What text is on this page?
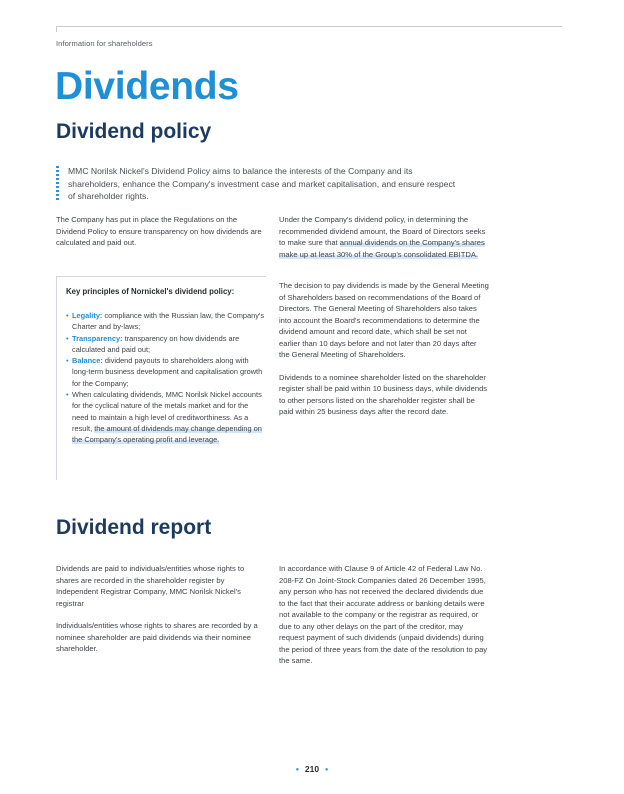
Information for shareholders
Dividends
Dividend policy
MMC Norilsk Nickel's Dividend Policy aims to balance the interests of the Company and its shareholders, enhance the Company's investment case and market capitalisation, and ensure respect of shareholder rights.

The Company has put in place the Regulations on the Dividend Policy to ensure transparency on how dividends are calculated and paid out.

Key principles of Nornickel's dividend policy:
• Legality: compliance with the Russian law, the Company's Charter and by-laws;
• Transparency: transparency on how dividends are calculated and paid out;
• Balance: dividend payouts to shareholders along with long-term business development and capitalisation growth for the Company;
• When calculating dividends, MMC Norilsk Nickel accounts for the cyclical nature of the metals market and for the need to maintain a high level of creditworthiness. As a result, the amount of dividends may change depending on the Company's operating profit and leverage.

Under the Company's dividend policy, in determining the recommended dividend amount, the Board of Directors seeks to make sure that annual dividends on the Company's shares make up at least 30% of the Group's consolidated EBITDA.

The decision to pay dividends is made by the General Meeting of Shareholders based on recommendations of the Board of Directors. The General Meeting of Shareholders also takes into account the Board's recommendations to determine the dividend amount and record date, which shall be set not earlier than 10 days before and not later than 20 days after the General Meeting of Shareholders.

Dividends to a nominee shareholder listed on the shareholder register shall be paid within 10 business days, while dividends to other persons listed on the shareholder register shall be paid within 25 business days after the record date.

Dividend report

Dividends are paid to individuals/entities whose rights to shares are recorded in the shareholder register by Independent Registrar Company, MMC Norilsk Nickel's registrar

Individuals/entities whose rights to shares are recorded by a nominee shareholder are paid dividends via their nominee shareholder.

In accordance with Clause 9 of Article 42 of Federal Law No. 208-FZ On Joint-Stock Companies dated 26 December 1995, any person who has not received the declared dividends due to the fact that their accurate address or banking details were not available to the company or the registrar as required, or due to any other delays on the part of the creditor, may request payment of such dividends (unpaid dividends) during the period of three years from the date of the resolution to pay the same.

• 210 •
